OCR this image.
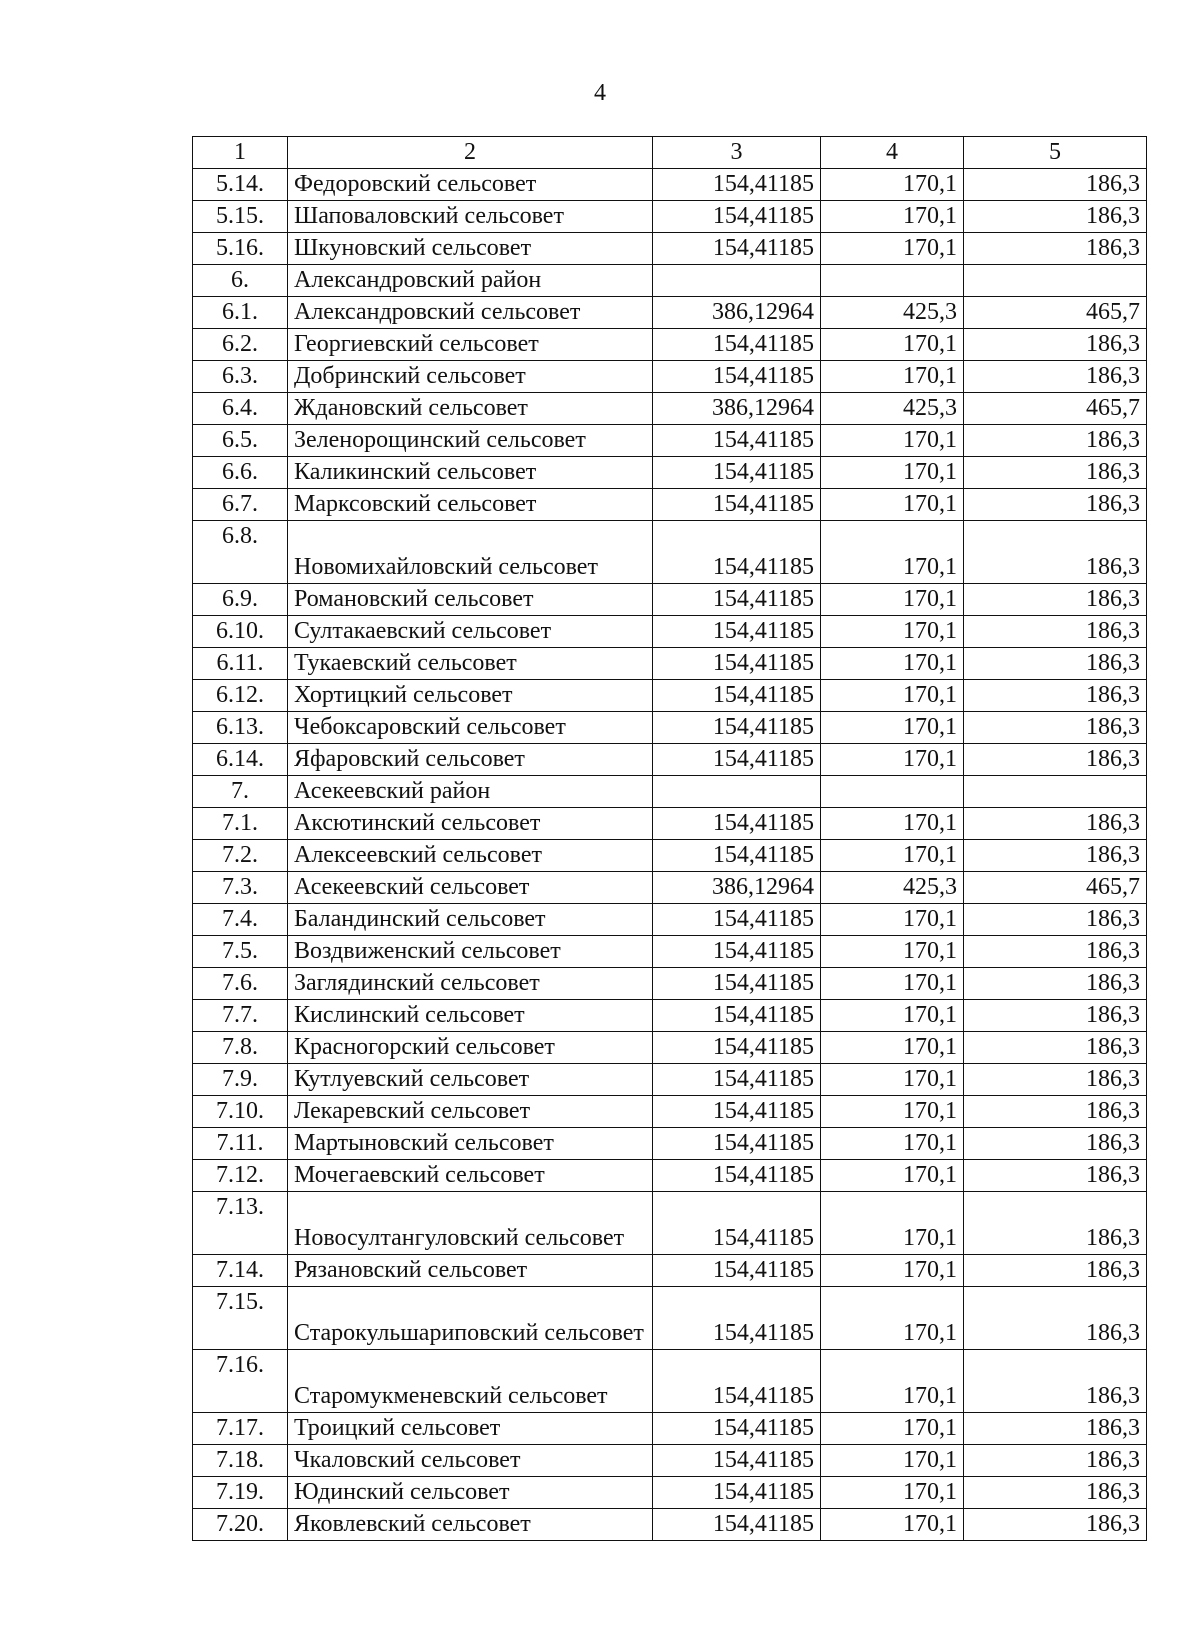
4
1	2	3	4	5
5.14.	Федоровский сельсовет	154,41185	170,1	186,3
5.15.	Шаповаловский сельсовет	154,41185	170,1	186,3
5.16.	Шкуновский сельсовет	154,41185	170,1	186,3
6.	Александровский район			
6.1.	Александровский сельсовет	386,12964	425,3	465,7
6.2.	Георгиевский сельсовет	154,41185	170,1	186,3
6.3.	Добринский сельсовет	154,41185	170,1	186,3
6.4.	Ждановский сельсовет	386,12964	425,3	465,7
6.5.	Зеленорощинский сельсовет	154,41185	170,1	186,3
6.6.	Каликинский сельсовет	154,41185	170,1	186,3
6.7.	Марксовский сельсовет	154,41185	170,1	186,3
6.8.	Новомихайловский сельсовет	154,41185	170,1	186,3
6.9.	Романовский сельсовет	154,41185	170,1	186,3
6.10.	Султакаевский сельсовет	154,41185	170,1	186,3
6.11.	Тукаевский сельсовет	154,41185	170,1	186,3
6.12.	Хортицкий сельсовет	154,41185	170,1	186,3
6.13.	Чебоксаровский сельсовет	154,41185	170,1	186,3
6.14.	Яфаровский сельсовет	154,41185	170,1	186,3
7.	Асекеевский район			
7.1.	Аксютинский сельсовет	154,41185	170,1	186,3
7.2.	Алексеевский сельсовет	154,41185	170,1	186,3
7.3.	Асекеевский сельсовет	386,12964	425,3	465,7
7.4.	Баландинский сельсовет	154,41185	170,1	186,3
7.5.	Воздвиженский сельсовет	154,41185	170,1	186,3
7.6.	Заглядинский сельсовет	154,41185	170,1	186,3
7.7.	Кислинский сельсовет	154,41185	170,1	186,3
7.8.	Красногорский сельсовет	154,41185	170,1	186,3
7.9.	Кутлуевский сельсовет	154,41185	170,1	186,3
7.10.	Лекаревский сельсовет	154,41185	170,1	186,3
7.11.	Мартыновский сельсовет	154,41185	170,1	186,3
7.12.	Мочегаевский сельсовет	154,41185	170,1	186,3
7.13.	Новосултангуловский сельсовет	154,41185	170,1	186,3
7.14.	Рязановский сельсовет	154,41185	170,1	186,3
7.15.	Старокульшариповский сельсовет	154,41185	170,1	186,3
7.16.	Старомукменевский сельсовет	154,41185	170,1	186,3
7.17.	Троицкий сельсовет	154,41185	170,1	186,3
7.18.	Чкаловский сельсовет	154,41185	170,1	186,3
7.19.	Юдинский сельсовет	154,41185	170,1	186,3
7.20.	Яковлевский сельсовет	154,41185	170,1	186,3
